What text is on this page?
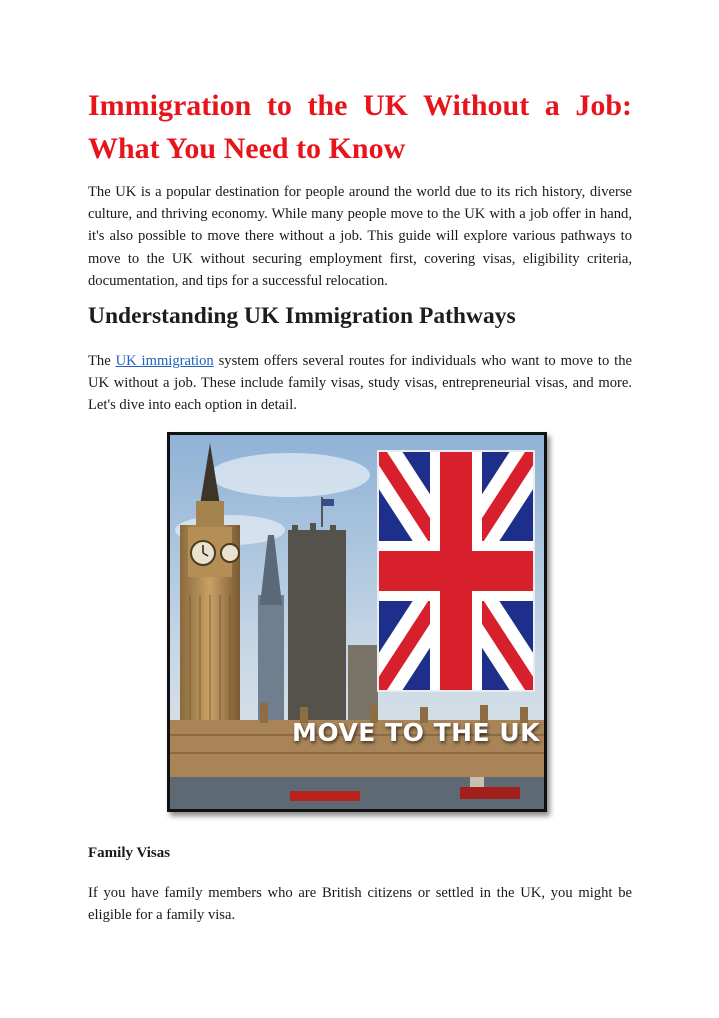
Immigration to the UK Without a Job:
What You Need to Know

The UK is a popular destination for people around the world due to its rich history, diverse culture, and thriving economy. While many people move to the UK with a job offer in hand, it's also possible to move there without a job. This guide will explore various pathways to move to the UK without securing employment first, covering visas, eligibility criteria, documentation, and tips for a successful relocation.

Understanding UK Immigration Pathways

The UK immigration system offers several routes for individuals who want to move to the UK without a job. These include family visas, study visas, entrepreneurial visas, and more. Let's dive into each option in detail.

MOVE TO THE UK
Family Visas

If you have family members who are British citizens or settled in the UK, you might be eligible for a family visa.
